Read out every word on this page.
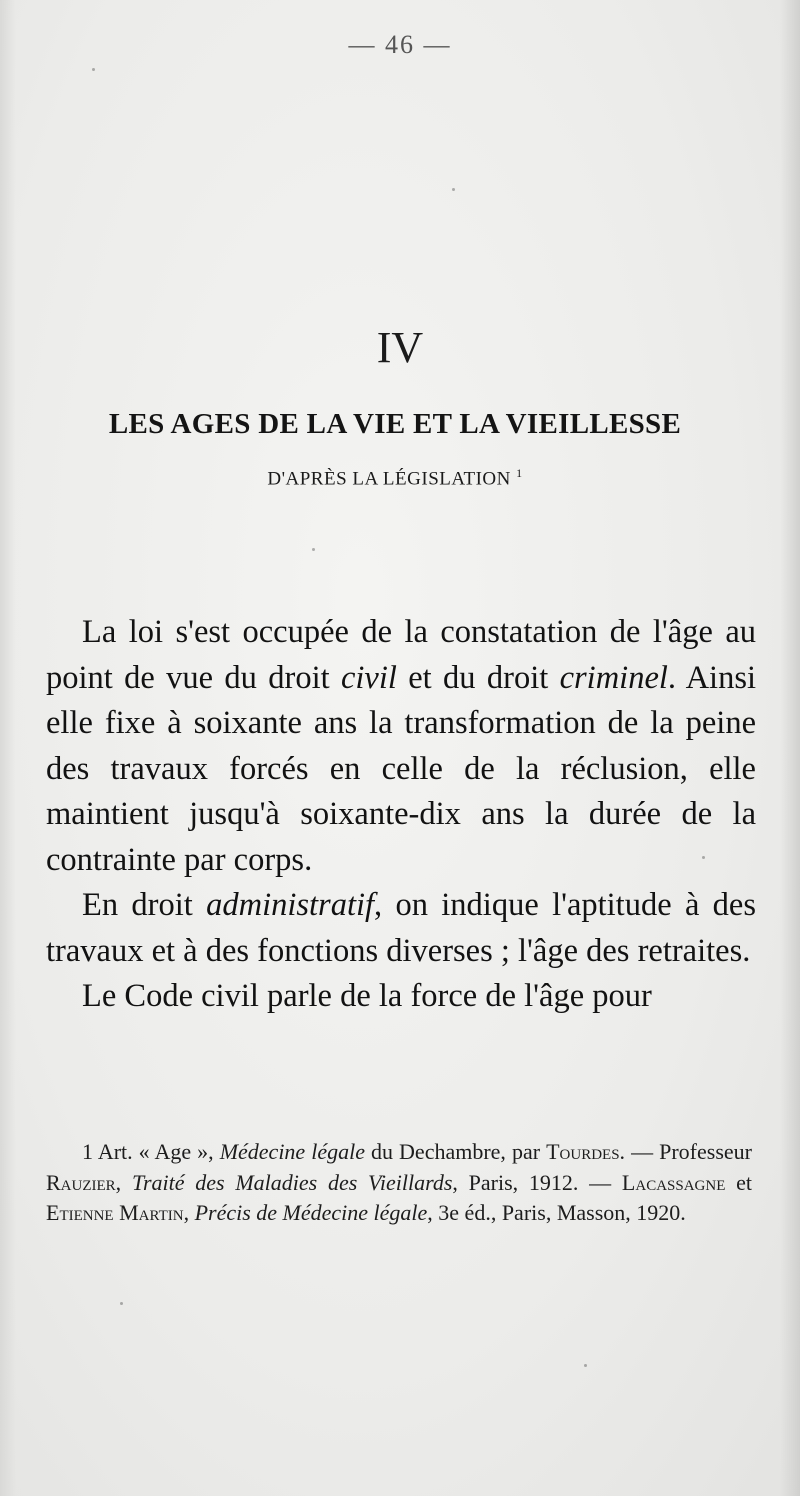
— 46 —
IV
LES AGES DE LA VIE ET LA VIEILLESSE
D'APRÈS LA LÉGISLATION $^1$

La loi s'est occupée de la constatation de l'âge au point de vue du droit civil et du droit criminel. Ainsi elle fixe à soixante ans la transformation de la peine des travaux forcés en celle de la réclusion, elle maintient jusqu'à soixante-dix ans la durée de la contrainte par corps.

En droit administratif, on indique l'aptitude à des travaux et à des fonctions diverses ; l'âge des retraites.

Le Code civil parle de la force de l'âge pour

1 Art. « Age », Médecine légale du Dechambre, par Tourdes. — Professeur Rauzier, Traité des Maladies des Vieillards, Paris, 1912. — Lacassagne et Etienne Martin, Précis de Médecine légale, 3e éd., Paris, Masson, 1920.
